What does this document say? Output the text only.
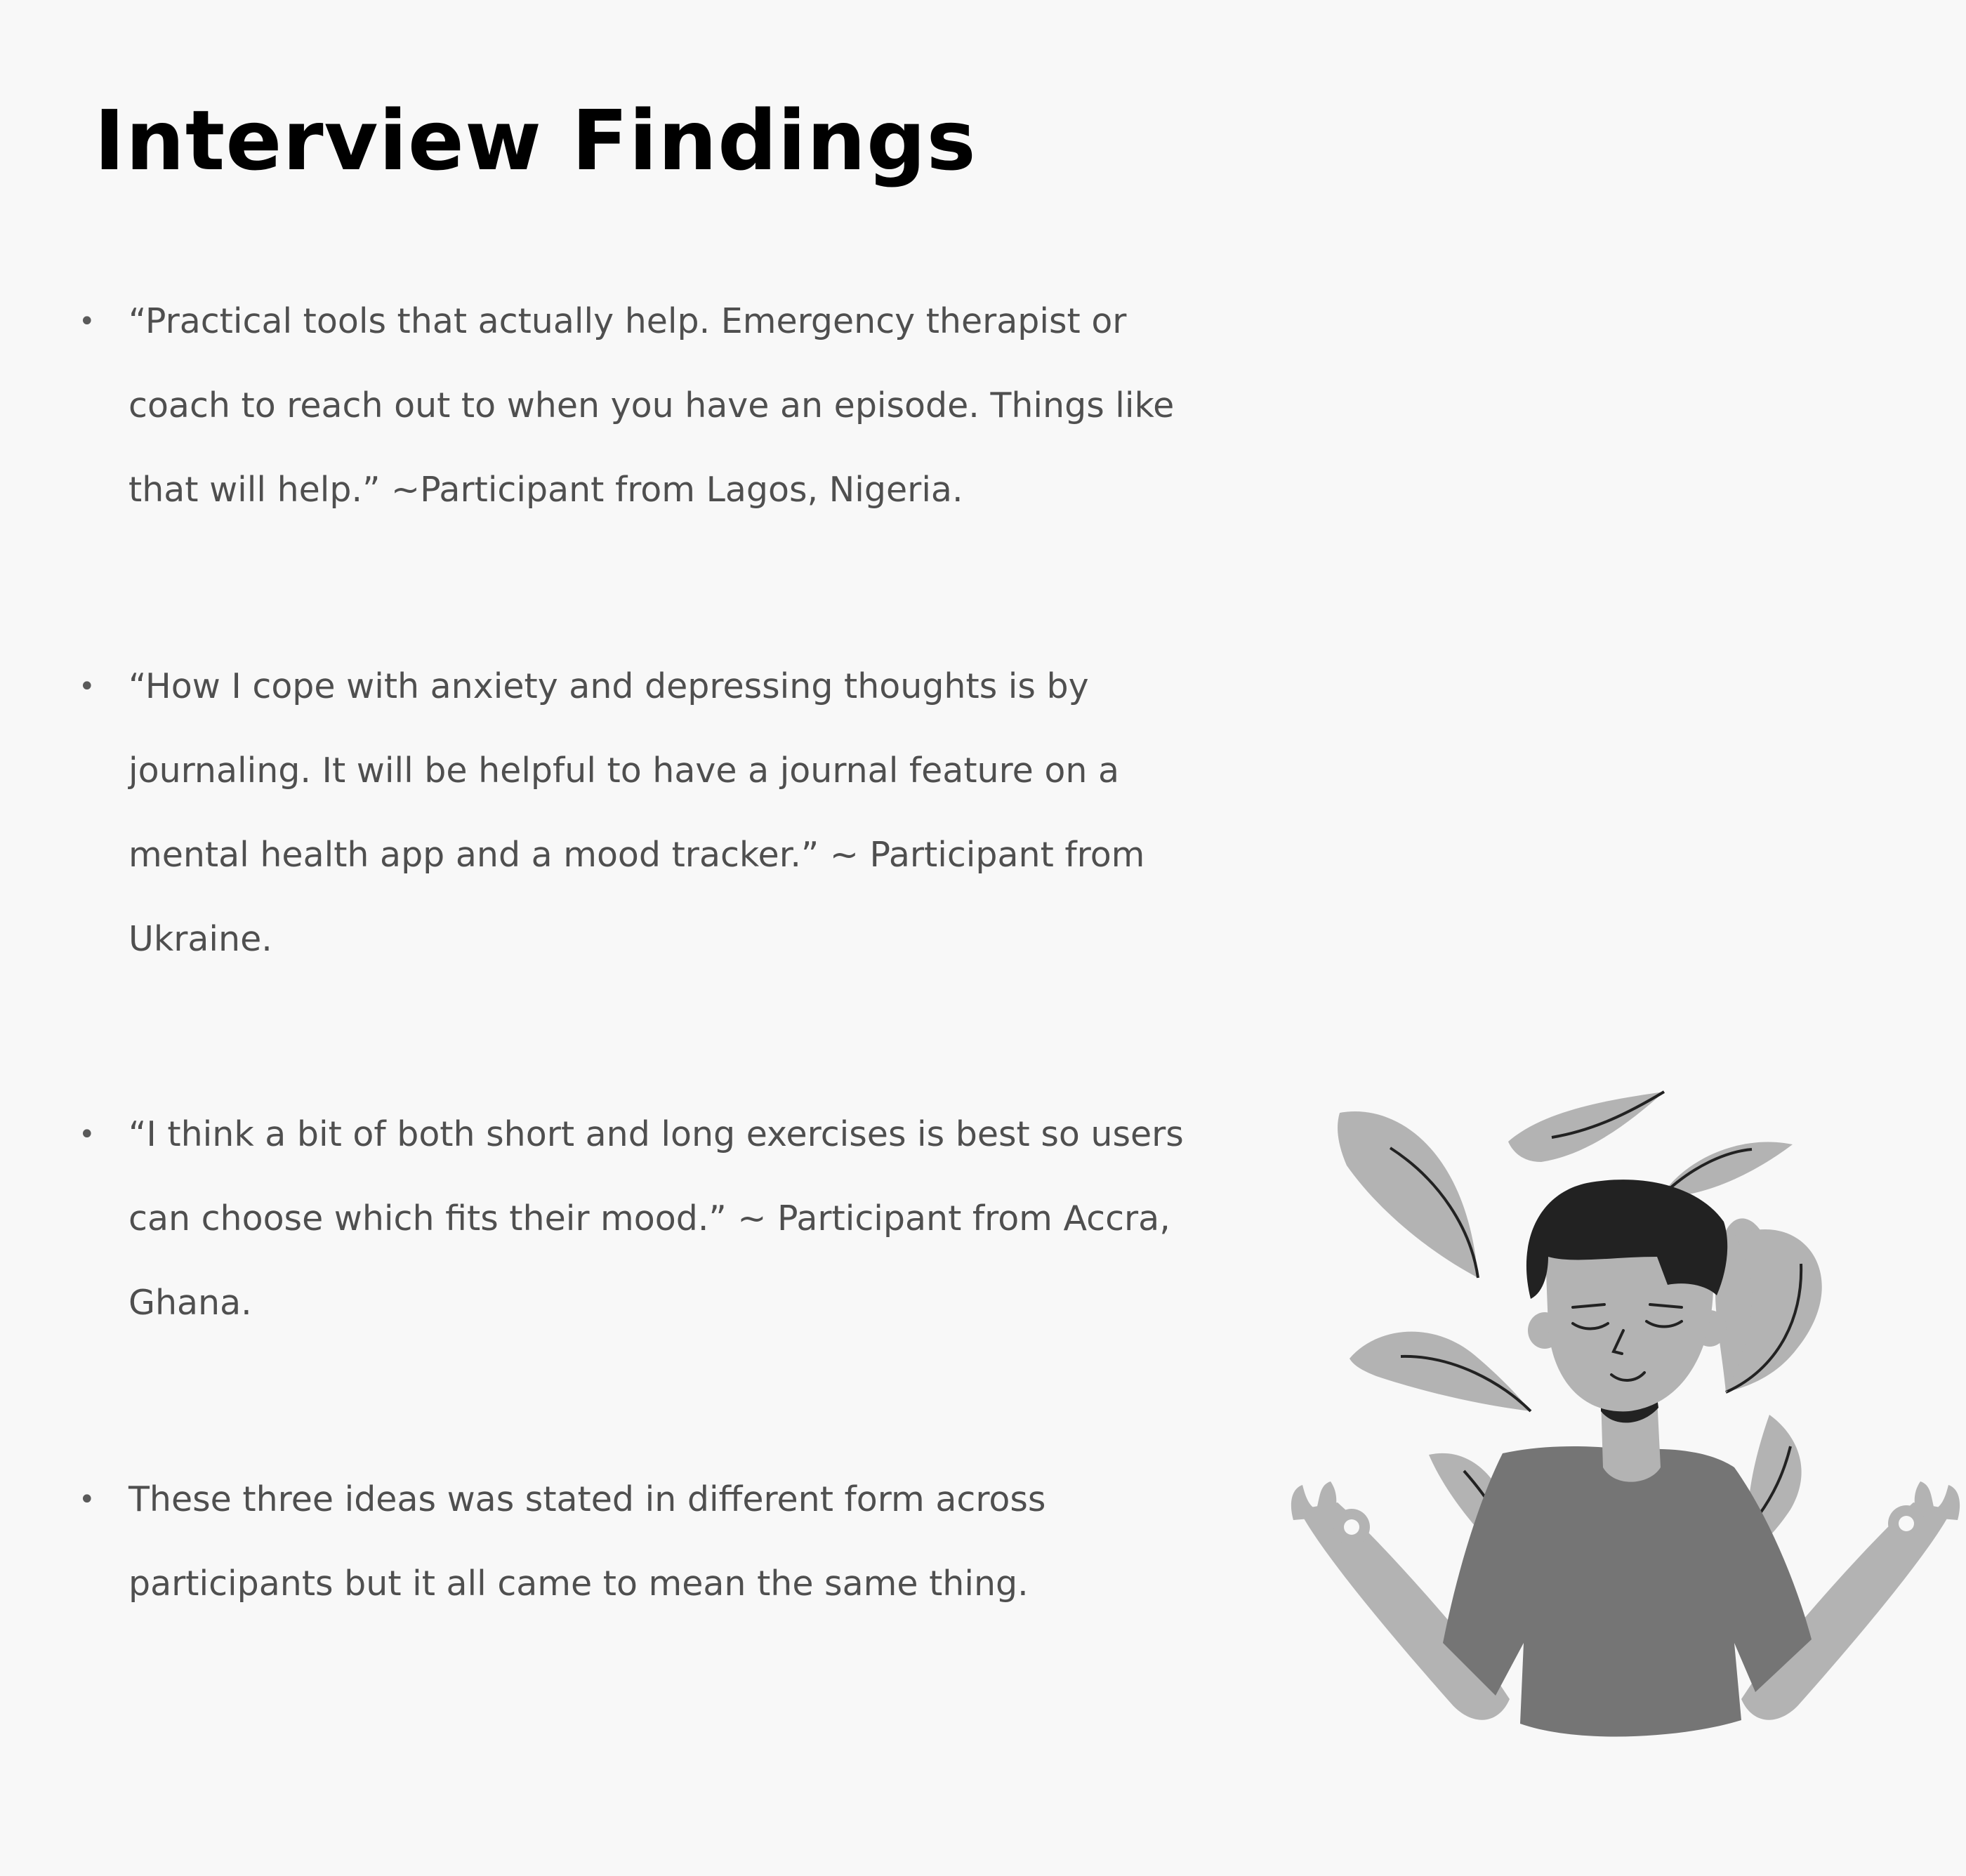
Interview Findings
• “Practical tools that actually help. Emergency therapist or
coach to reach out to when you have an episode. Things like
that will help.” ~Participant from Lagos, Nigeria.
• “How I cope with anxiety and depressing thoughts is by
journaling. It will be helpful to have a journal feature on a
mental health app and a mood tracker.” ~ Participant from
Ukraine.
• “I think a bit of both short and long exercises is best so users
can choose which fits their mood.” ~ Participant from Accra,
Ghana.
• These three ideas was stated in different form across
participants but it all came to mean the same thing.
